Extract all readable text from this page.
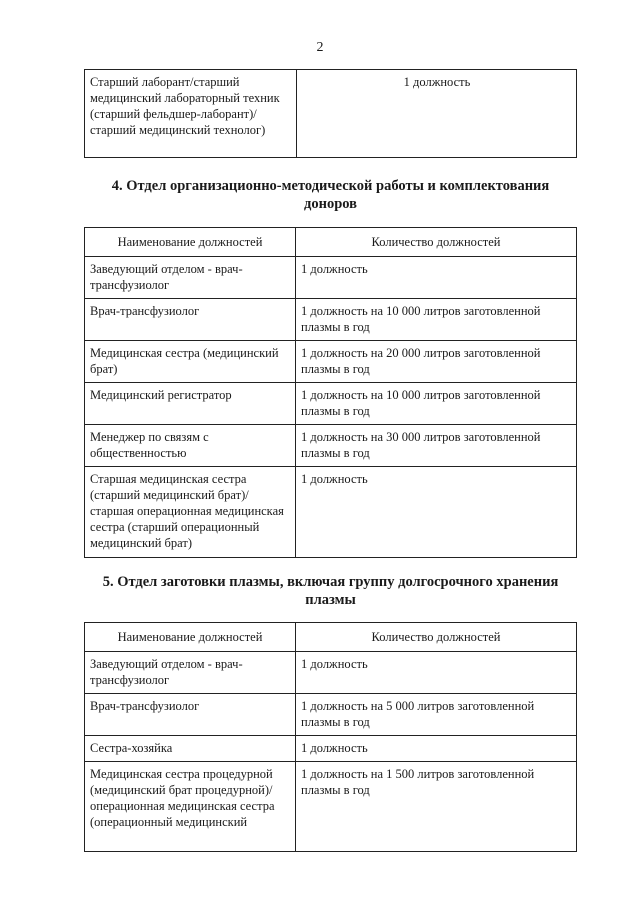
2
Старший лаборант/старший медицинский лабораторный техник (старший фельдшер-лаборант)/старший медицинский технолог)	1 должность
4. Отдел организационно-методической работы и комплектования доноров
Наименование должностей	Количество должностей
Заведующий отделом - врач-трансфузиолог	1 должность
Врач-трансфузиолог	1 должность на 10 000 литров заготовленной плазмы в год
Медицинская сестра (медицинский брат)	1 должность на 20 000 литров заготовленной плазмы в год
Медицинский регистратор	1 должность на 10 000 литров заготовленной плазмы в год
Менеджер по связям с общественностью	1 должность на 30 000 литров заготовленной плазмы в год
Старшая медицинская сестра (старший медицинский брат)/ старшая операционная медицинская сестра (старший операционный медицинский брат)	1 должность
5. Отдел заготовки плазмы, включая группу долгосрочного хранения плазмы
Наименование должностей	Количество должностей
Заведующий отделом - врач-трансфузиолог	1 должность
Врач-трансфузиолог	1 должность на 5 000 литров заготовленной плазмы в год
Сестра-хозяйка	1 должность
Медицинская сестра процедурной (медицинский брат процедурной)/операционная медицинская сестра (операционный медицинский	1 должность на 1 500 литров заготовленной плазмы в год
